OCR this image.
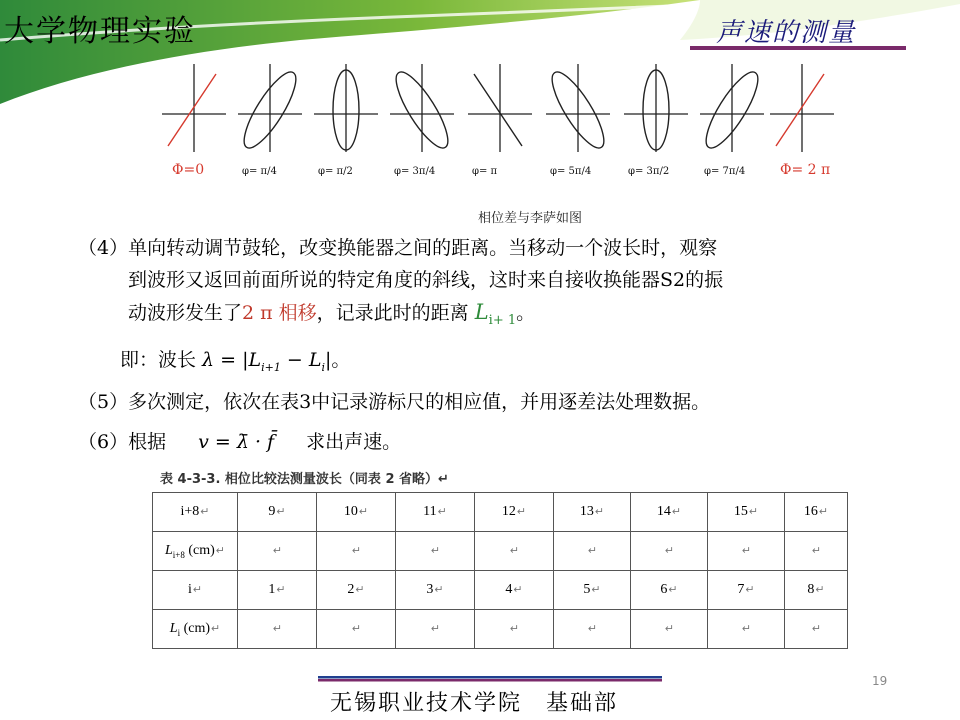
大学物理实验	声速的测量
Φ=0	φ= π/4	φ= π/2	φ= 3π/4	φ= π	φ= 5π/4	φ= 3π/2	φ= 7π/4 Φ= 2 π
相位差与李萨如图
（4）单向转动调节鼓轮，改变换能器之间的距离。当移动一个波长时，观察
到波形又返回前面所说的特定角度的斜线，这时来自接收换能器S2的振
动波形发生了2 π 相移，记录此时的距离 $L_{i+ 1}$。
即：波长 $\lambda = |L_{i+1} - L_i|$。
（5）多次测定，依次在表3中记录游标尺的相应值，并用逐差法处理数据。
（6）根据 v = λ̄ · f̄ 求出声速。
表 4-3-3. 相位比较法测量波长（同表 2 省略）↵
i+8↵	9↵	10↵	11↵	12↵	13↵	14↵	15↵	16↵
$L_{i+8}$ (cm)↵	↵	↵	↵	↵	↵	↵	↵	↵
i↵	1↵	2↵	3↵	4↵	5↵	6↵	7↵	8↵
$L_i$ (cm)↵	↵	↵	↵	↵	↵	↵	↵	↵
19
无锡职业技术学院　基础部
